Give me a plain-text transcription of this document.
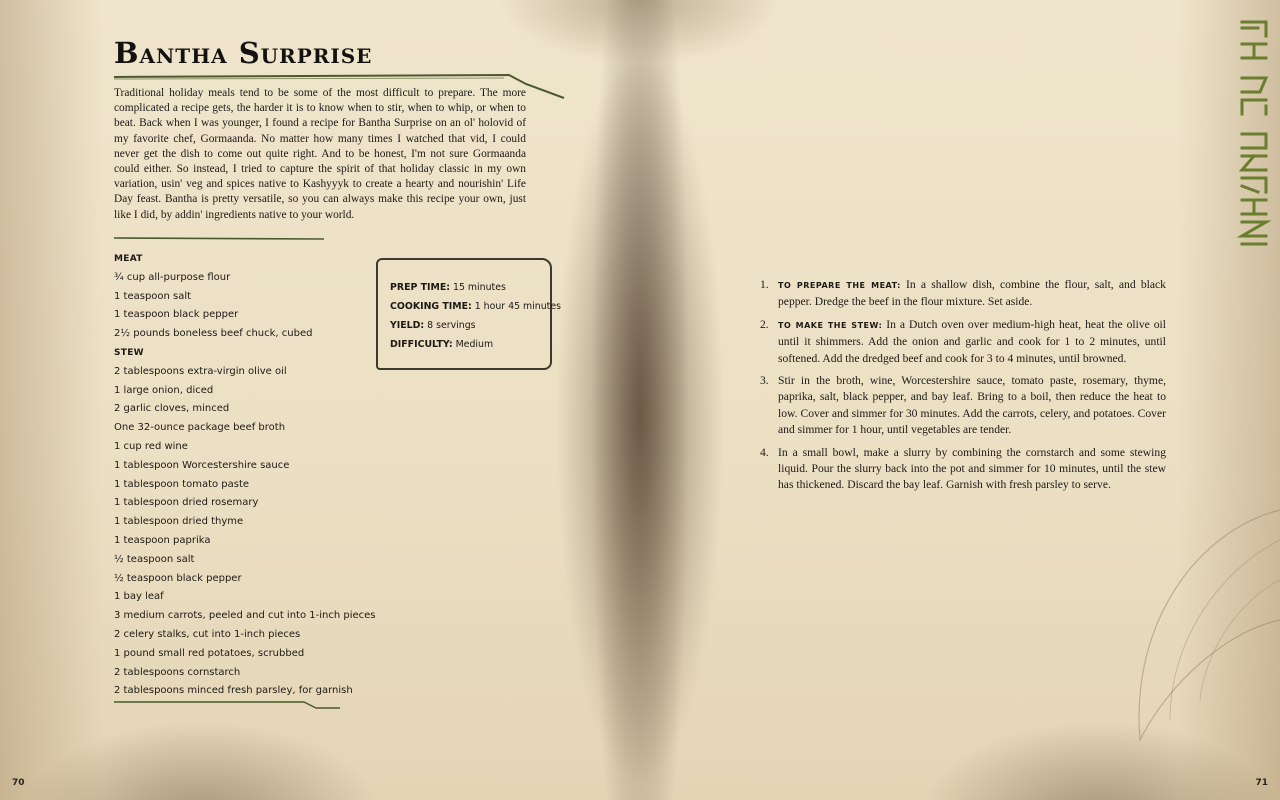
Bantha Surprise

Traditional holiday meals tend to be some of the most difficult to prepare. The more complicated a recipe gets, the harder it is to know when to stir, when to whip, or when to beat. Back when I was younger, I found a recipe for Bantha Surprise on an ol' holovid of my favorite chef, Gormaanda. No matter how many times I watched that vid, I could never get the dish to come out quite right. And to be honest, I'm not sure Gormaanda could either. So instead, I tried to capture the spirit of that holiday classic in my own variation, usin' veg and spices native to Kashyyyk to create a hearty and nourishin' Life Day feast. Bantha is pretty versatile, so you can always make this recipe your own, just like I did, by addin' ingredients native to your world.

MEAT
¾ cup all-purpose flour
1 teaspoon salt
1 teaspoon black pepper
2½ pounds boneless beef chuck, cubed
STEW
2 tablespoons extra-virgin olive oil
1 large onion, diced
2 garlic cloves, minced
One 32-ounce package beef broth
1 cup red wine
1 tablespoon Worcestershire sauce
1 tablespoon tomato paste
1 tablespoon dried rosemary
1 tablespoon dried thyme
1 teaspoon paprika
½ teaspoon salt
½ teaspoon black pepper
1 bay leaf
3 medium carrots, peeled and cut into 1-inch pieces
2 celery stalks, cut into 1-inch pieces
1 pound small red potatoes, scrubbed
2 tablespoons cornstarch
2 tablespoons minced fresh parsley, for garnish
PREP TIME: 15 minutes
COOKING TIME: 1 hour 45 minutes
YIELD: 8 servings
DIFFICULTY: Medium
70
1. TO PREPARE THE MEAT: In a shallow dish, combine the flour, salt, and black pepper. Dredge the beef in the flour mixture. Set aside.
2. TO MAKE THE STEW: In a Dutch oven over medium-high heat, heat the olive oil until it shimmers. Add the onion and garlic and cook for 1 to 2 minutes, until softened. Add the dredged beef and cook for 3 to 4 minutes, until browned.
3. Stir in the broth, wine, Worcestershire sauce, tomato paste, rosemary, thyme, paprika, salt, black pepper, and bay leaf. Bring to a boil, then reduce the heat to low. Cover and simmer for 30 minutes. Add the carrots, celery, and potatoes. Cover and simmer for 1 hour, until vegetables are tender.
4. In a small bowl, make a slurry by combining the cornstarch and some stewing liquid. Pour the slurry back into the pot and simmer for 10 minutes, until the stew has thickened. Discard the bay leaf. Garnish with fresh parsley to serve.
71
